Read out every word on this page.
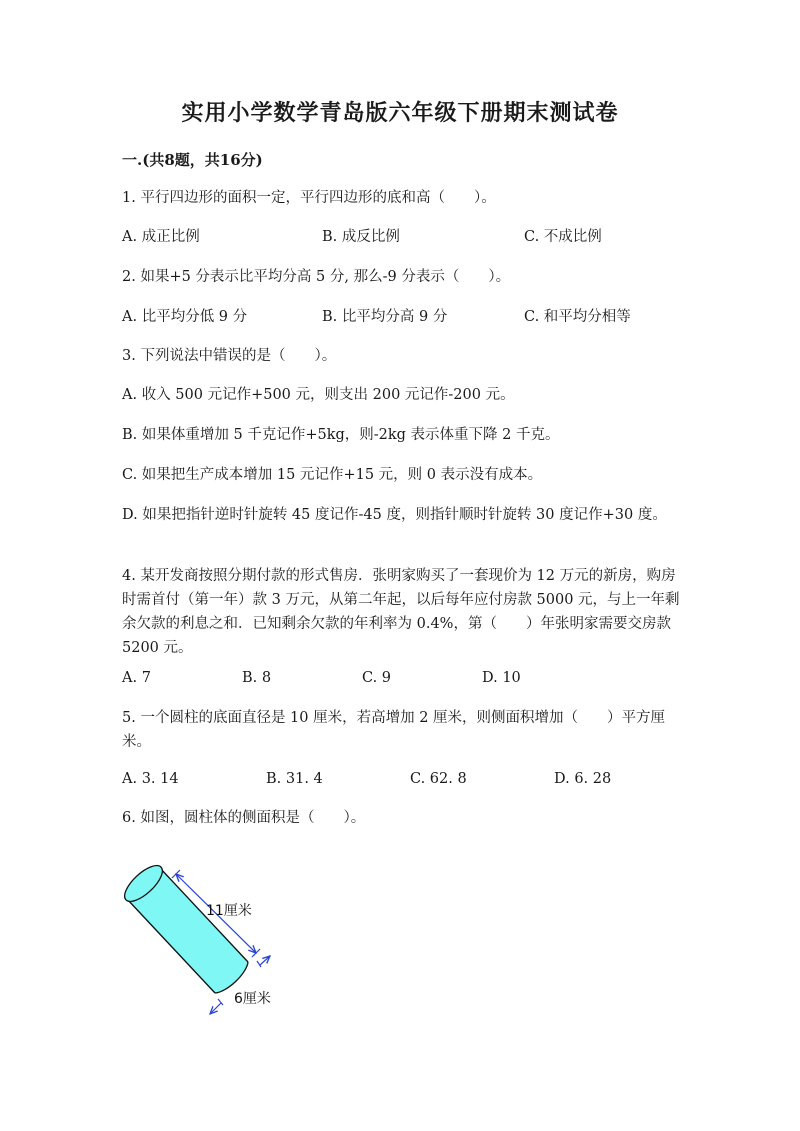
实用小学数学青岛版六年级下册期末测试卷
一.(共8题，共16分)
1. 平行四边形的面积一定，平行四边形的底和高（　　）。
A. 成正比例	B. 成反比例	C. 不成比例
2. 如果+5 分表示比平均分高 5 分, 那么-9 分表示（　　）。
A. 比平均分低 9 分	B. 比平均分高 9 分	C. 和平均分相等
3. 下列说法中错误的是（　　）。
A. 收入 500 元记作+500 元，则支出 200 元记作-200 元。
B. 如果体重增加 5 千克记作+5kg，则-2kg 表示体重下降 2 千克。
C. 如果把生产成本增加 15 元记作+15 元，则 0 表示没有成本。
D. 如果把指针逆时针旋转 45 度记作-45 度，则指针顺时针旋转 30 度记作+30 度。
4. 某开发商按照分期付款的形式售房．张明家购买了一套现价为 12 万元的新房，购房时需首付（第一年）款 3 万元，从第二年起，以后每年应付房款 5000 元，与上一年剩余欠款的利息之和．已知剩余欠款的年利率为 0.4%，第（　　）年张明家需要交房款 5200 元。
A. 7	B. 8	C. 9	D. 10
5. 一个圆柱的底面直径是 10 厘米，若高增加 2 厘米，则侧面积增加（　　）平方厘米。
A. 3. 14	B. 31. 4	C. 62. 8	D. 6. 28
6. 如图，圆柱体的侧面积是（　　）。
11厘米
6厘米
